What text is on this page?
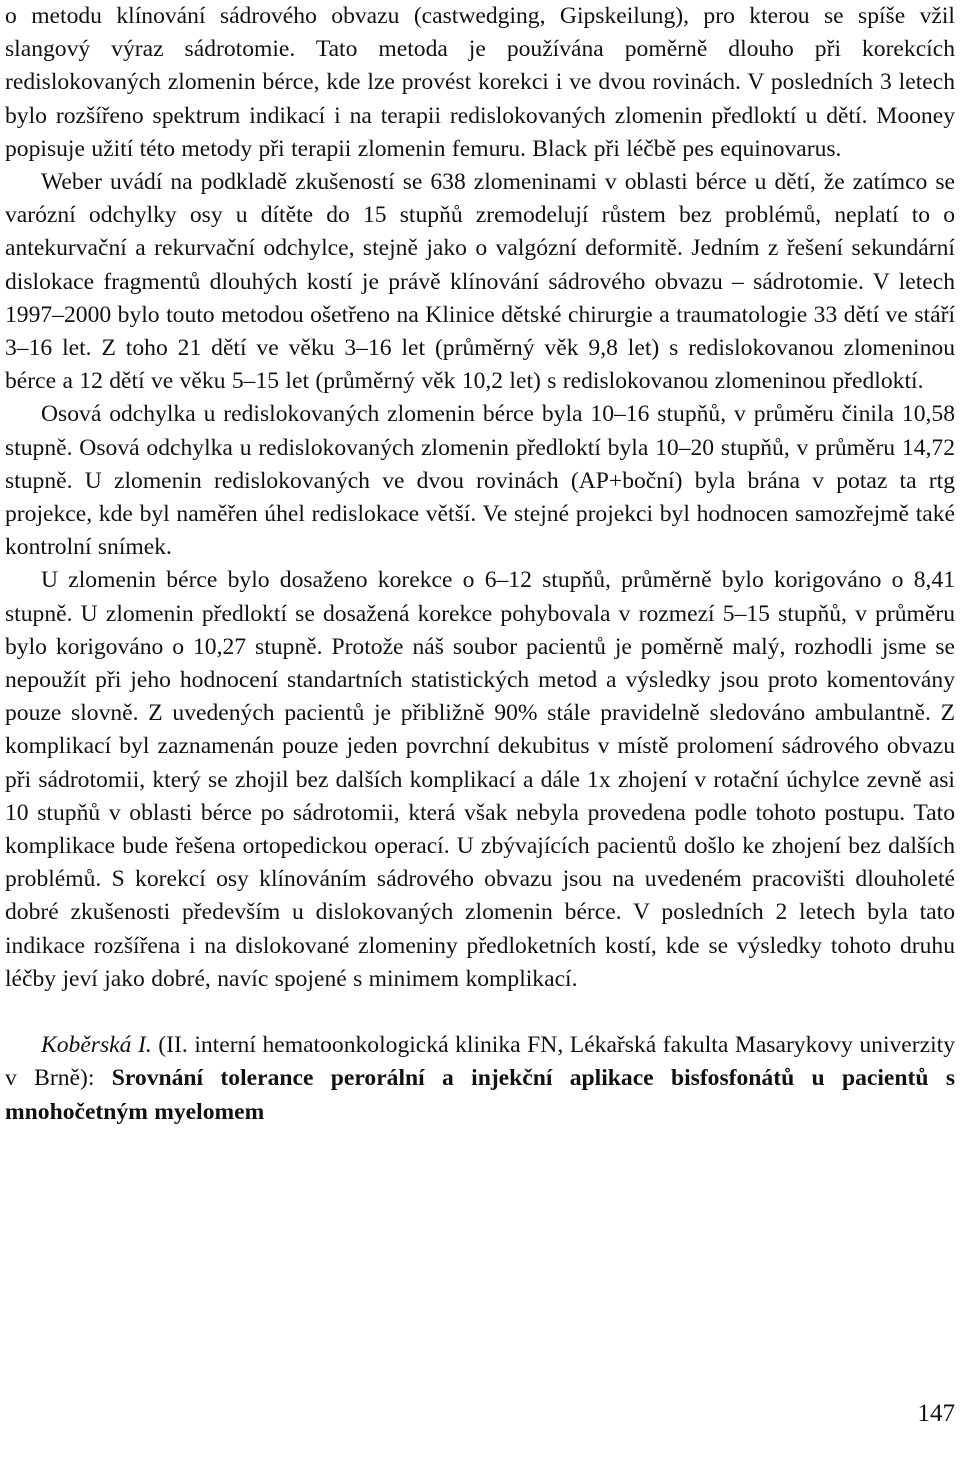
o metodu klínování sádrového obvazu (castwedging, Gipskeilung), pro kterou se spíše vžil slangový výraz sádrotomie. Tato metoda je používána poměrně dlouho při korekcích redislokovaných zlomenin bérce, kde lze provést korekci i ve dvou rovinách. V posledních 3 letech bylo rozšířeno spektrum indikací i na terapii redislokovaných zlomenin předloktí u dětí. Mooney popisuje užití této metody při terapii zlomenin femuru. Black při léčbě pes equinovarus.

Weber uvádí na podkladě zkušeností se 638 zlomeninami v oblasti bérce u dětí, že zatímco se varózní odchylky osy u dítěte do 15 stupňů zremodelují růstem bez problémů, neplatí to o antekurvační a rekurvační odchylce, stejně jako o valgózní deformitě. Jedním z řešení sekundární dislokace fragmentů dlouhých kostí je právě klínování sádrového obvazu – sádrotomie. V letech 1997–2000 bylo touto metodou ošetřeno na Klinice dětské chirurgie a traumatologie 33 dětí ve stáří 3–16 let. Z toho 21 dětí ve věku 3–16 let (průměrný věk 9,8 let) s redislokovanou zlomeninou bérce a 12 dětí ve věku 5–15 let (průměrný věk 10,2 let) s redislokovanou zlomeninou předloktí.

Osová odchylka u redislokovaných zlomenin bérce byla 10–16 stupňů, v průměru činila 10,58 stupně. Osová odchylka u redislokovaných zlomenin předloktí byla 10–20 stupňů, v průměru 14,72 stupně. U zlomenin redislokovaných ve dvou rovinách (AP+boční) byla brána v potaz ta rtg projekce, kde byl naměřen úhel redislokace větší. Ve stejné projekci byl hodnocen samozřejmě také kontrolní snímek.

U zlomenin bérce bylo dosaženo korekce o 6–12 stupňů, průměrně bylo korigováno o 8,41 stupně. U zlomenin předloktí se dosažená korekce pohybovala v rozmezí 5–15 stupňů, v průměru bylo korigováno o 10,27 stupně. Protože náš soubor pacientů je poměrně malý, rozhodli jsme se nepoužít při jeho hodnocení standartních statistických metod a výsledky jsou proto komentovány pouze slovně. Z uvedených pacientů je přibližně 90% stále pravidelně sledováno ambulantně. Z komplikací byl zaznamenán pouze jeden povrchní dekubitus v místě prolomení sádrového obvazu při sádrotomii, který se zhojil bez dalších komplikací a dále 1x zhojení v rotační úchylce zevně asi 10 stupňů v oblasti bérce po sádrotomii, která však nebyla provedena podle tohoto postupu. Tato komplikace bude řešena ortopedickou operací. U zbývajících pacientů došlo ke zhojení bez dalších problémů. S korekcí osy klínováním sádrového obvazu jsou na uvedeném pracovišti dlouholeté dobré zkušenosti především u dislokovaných zlomenin bérce. V posledních 2 letech byla tato indikace rozšířena i na dislokované zlomeniny předloketních kostí, kde se výsledky tohoto druhu léčby jeví jako dobré, navíc spojené s minimem komplikací.

Koběrská I. (II. interní hematoonkologická klinika FN, Lékařská fakulta Masarykovy univerzity v Brně): Srovnání tolerance perorální a injekční aplikace bisfosfonátů u pacientů s mnohočetným myelomem

147
